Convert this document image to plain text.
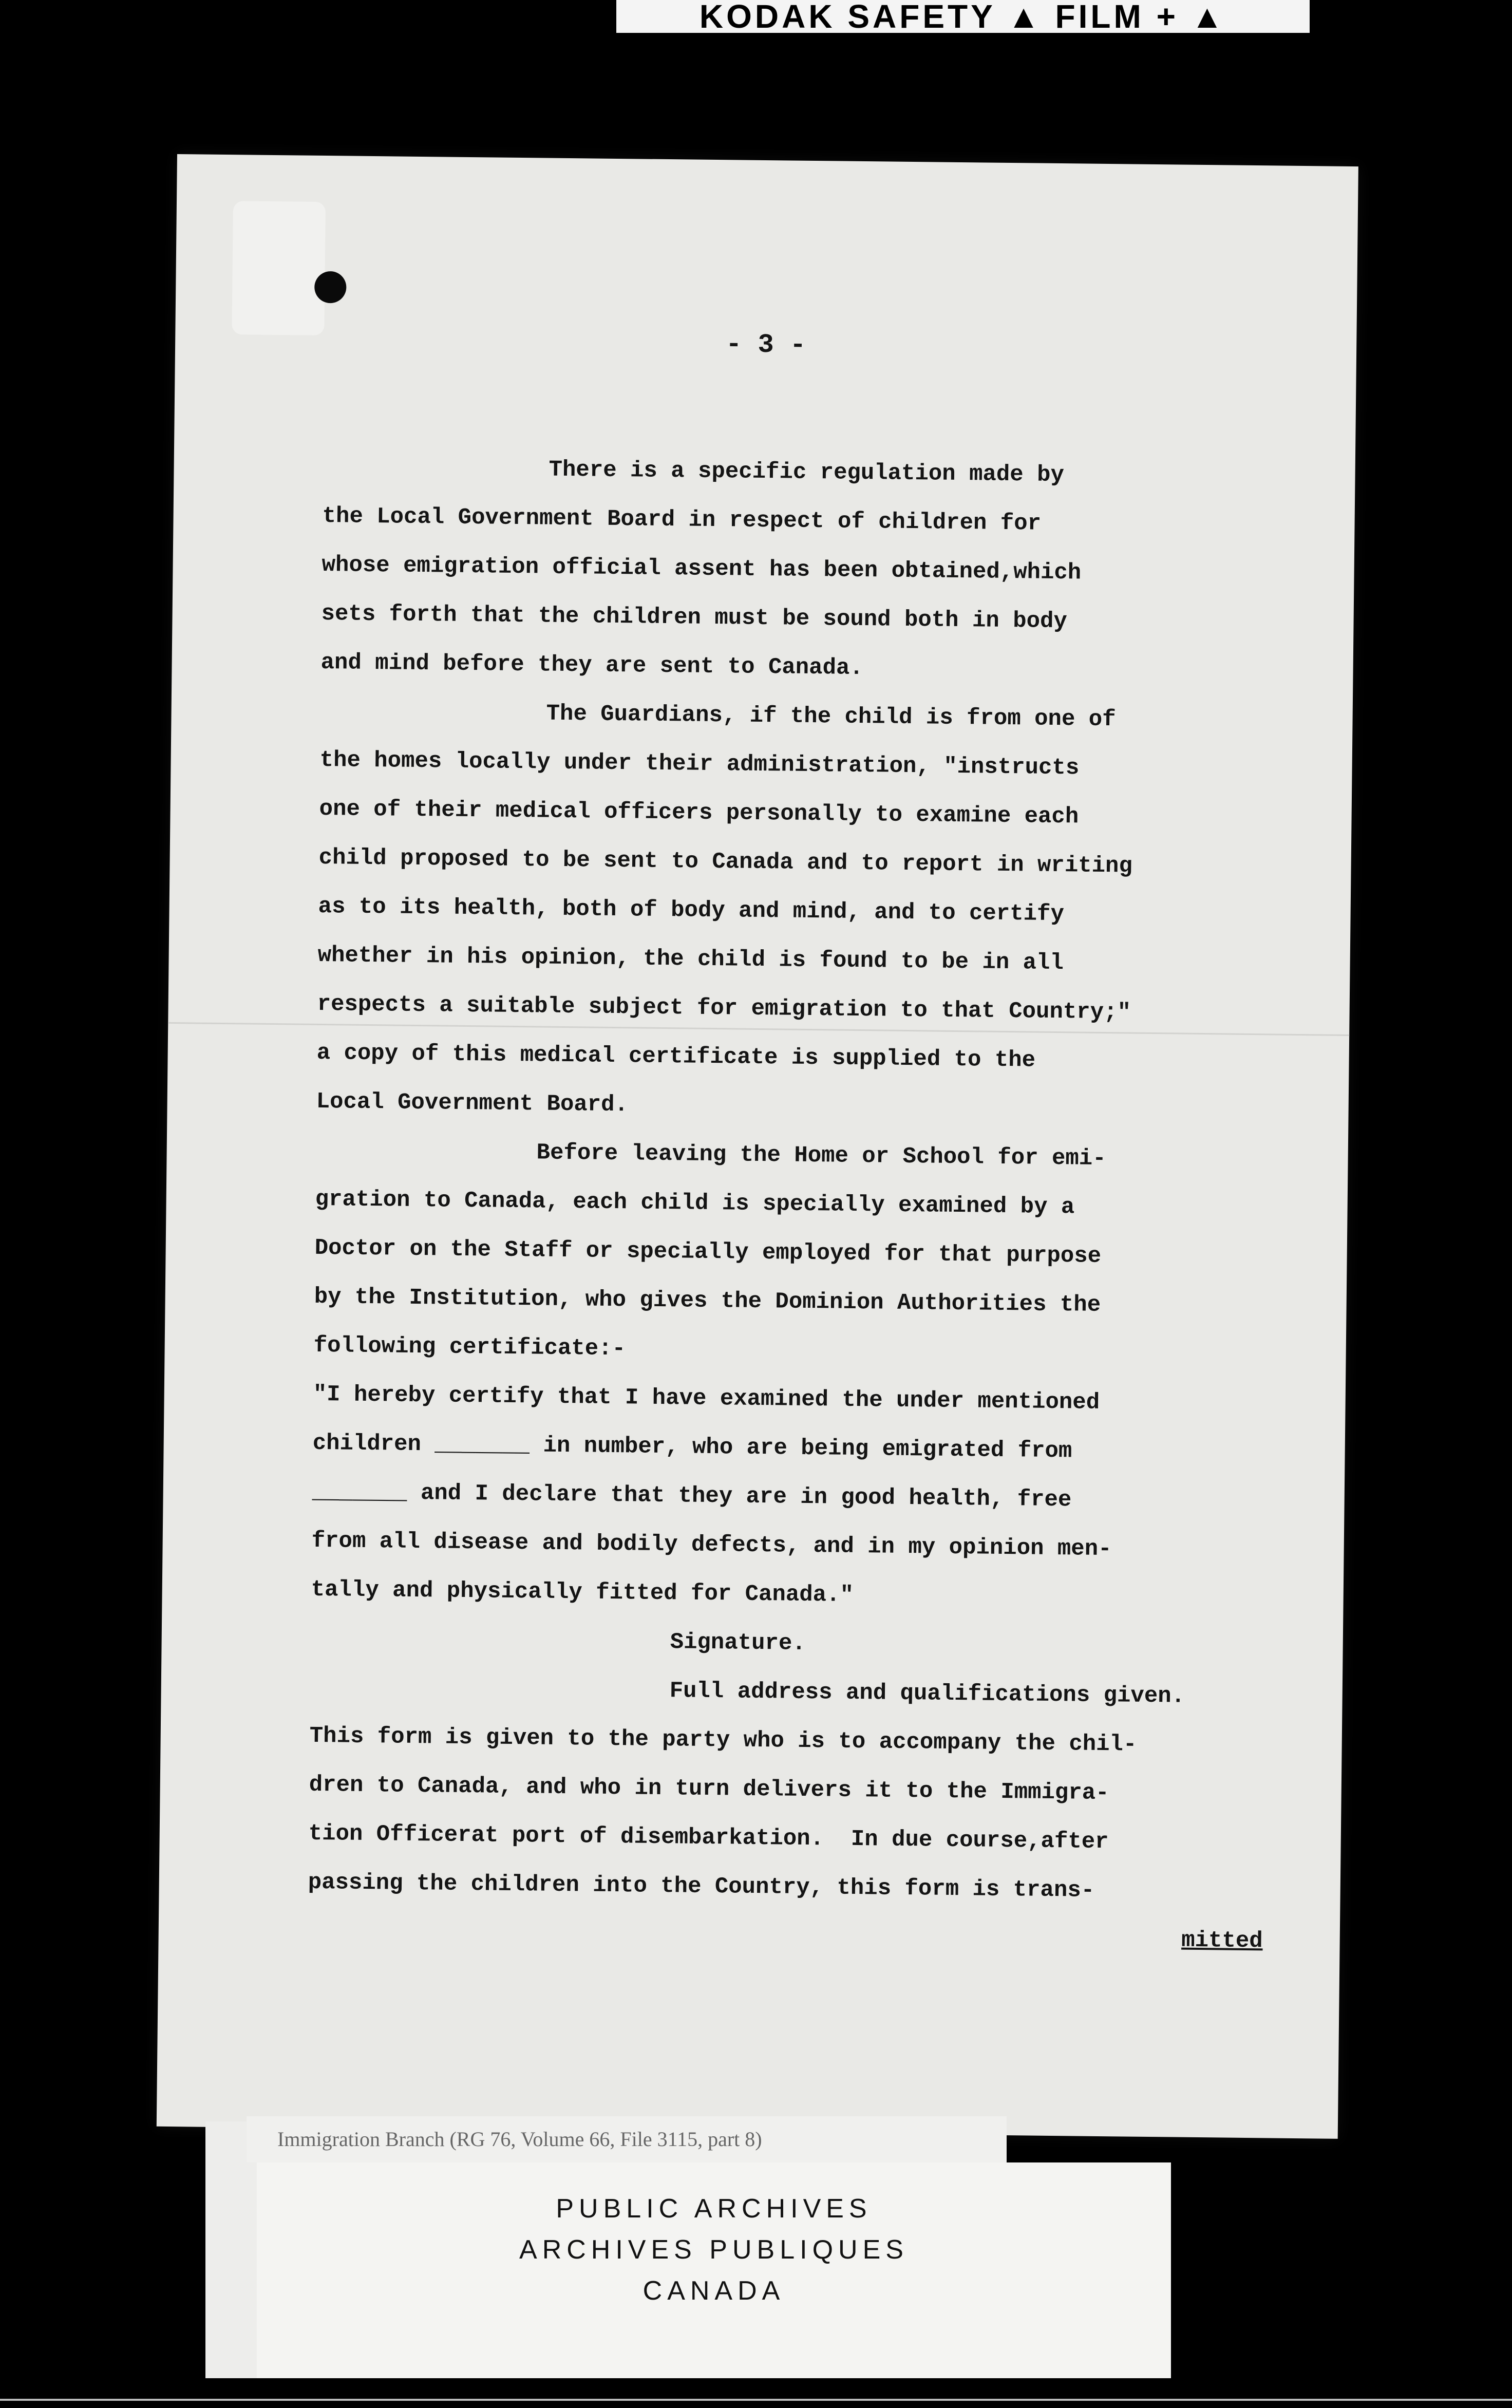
KODAK SAFETY ▲ FILM + ▲
- 3 -

There is a specific regulation made by

the Local Government Board in respect of children for

whose emigration official assent has been obtained,which

sets forth that the children must be sound both in body

and mind before they are sent to Canada.

The Guardians, if the child is from one of

the homes locally under their administration, "instructs

one of their medical officers personally to examine each

child proposed to be sent to Canada and to report in writing

as to its health, both of body and mind, and to certify

whether in his opinion, the child is found to be in all

respects a suitable subject for emigration to that Country;"

a copy of this medical certificate is supplied to the

Local Government Board.

Before leaving the Home or School for emi-

gration to Canada, each child is specially examined by a

Doctor on the Staff or specially employed for that purpose

by the Institution, who gives the Dominion Authorities the

following certificate:-

"I hereby certify that I have examined the under mentioned

children _______ in number, who are being emigrated from

_______ and I declare that they are in good health, free

from all disease and bodily defects, and in my opinion men-

tally and physically fitted for Canada."

Signature.

Full address and qualifications given.

This form is given to the party who is to accompany the chil-

dren to Canada, and who in turn delivers it to the Immigra-

tion Officerat port of disembarkation.  In due course,after

passing the children into the Country, this form is trans-

mitted

Immigration Branch (RG 76, Volume 66, File 3115, part 8)
PUBLIC ARCHIVES
ARCHIVES PUBLIQUES
CANADA
